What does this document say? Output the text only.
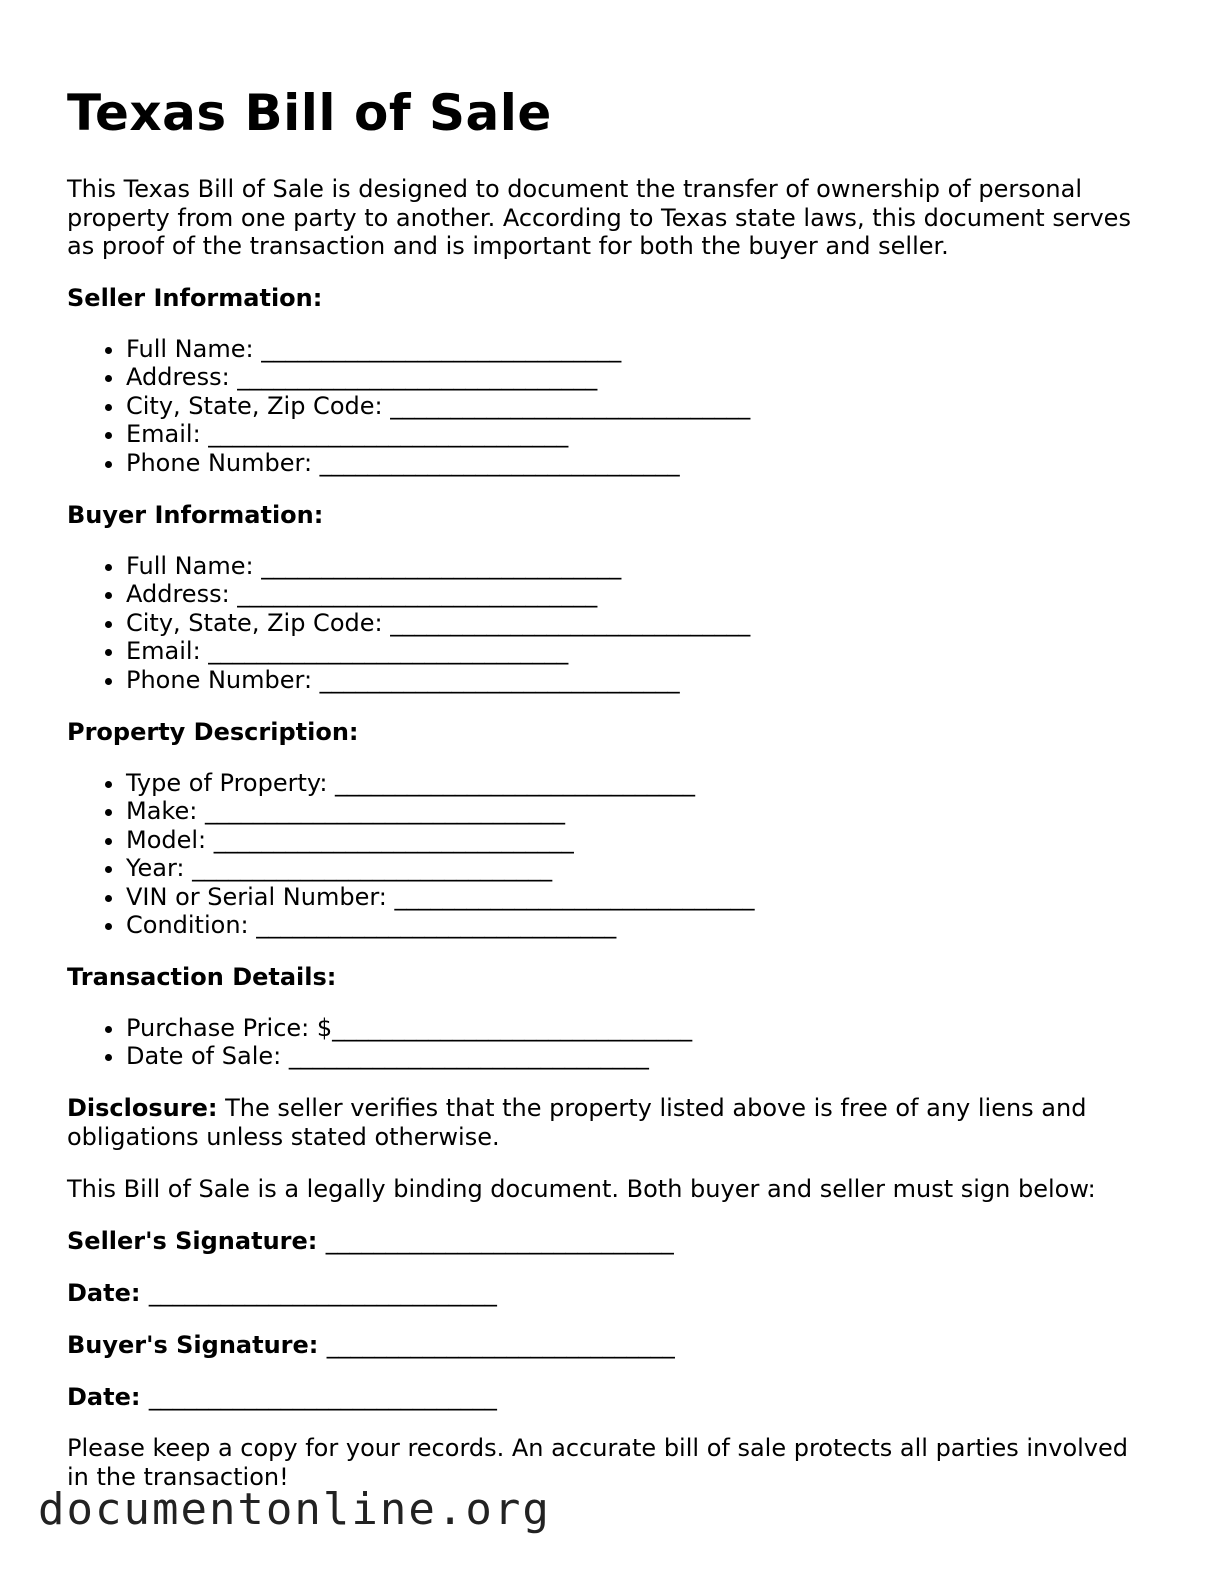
Texas Bill of Sale

This Texas Bill of Sale is designed to document the transfer of ownership of personal property from one party to another. According to Texas state laws, this document serves as proof of the transaction and is important for both the buyer and seller.

Seller Information:

• Full Name: ______________________________
• Address: ______________________________
• City, State, Zip Code: ______________________________
• Email: ______________________________
• Phone Number: ______________________________

Buyer Information:

• Full Name: ______________________________
• Address: ______________________________
• City, State, Zip Code: ______________________________
• Email: ______________________________
• Phone Number: ______________________________

Property Description:

• Type of Property: ______________________________
• Make: ______________________________
• Model: ______________________________
• Year: ______________________________
• VIN or Serial Number: ______________________________
• Condition: ______________________________

Transaction Details:

• Purchase Price: $______________________________
• Date of Sale: ______________________________

Disclosure: The seller verifies that the property listed above is free of any liens and obligations unless stated otherwise.

This Bill of Sale is a legally binding document. Both buyer and seller must sign below:

Seller's Signature: _____________________________

Date: _____________________________

Buyer's Signature: _____________________________

Date: _____________________________

Please keep a copy for your records. An accurate bill of sale protects all parties involved in the transaction!

documentonline.org
